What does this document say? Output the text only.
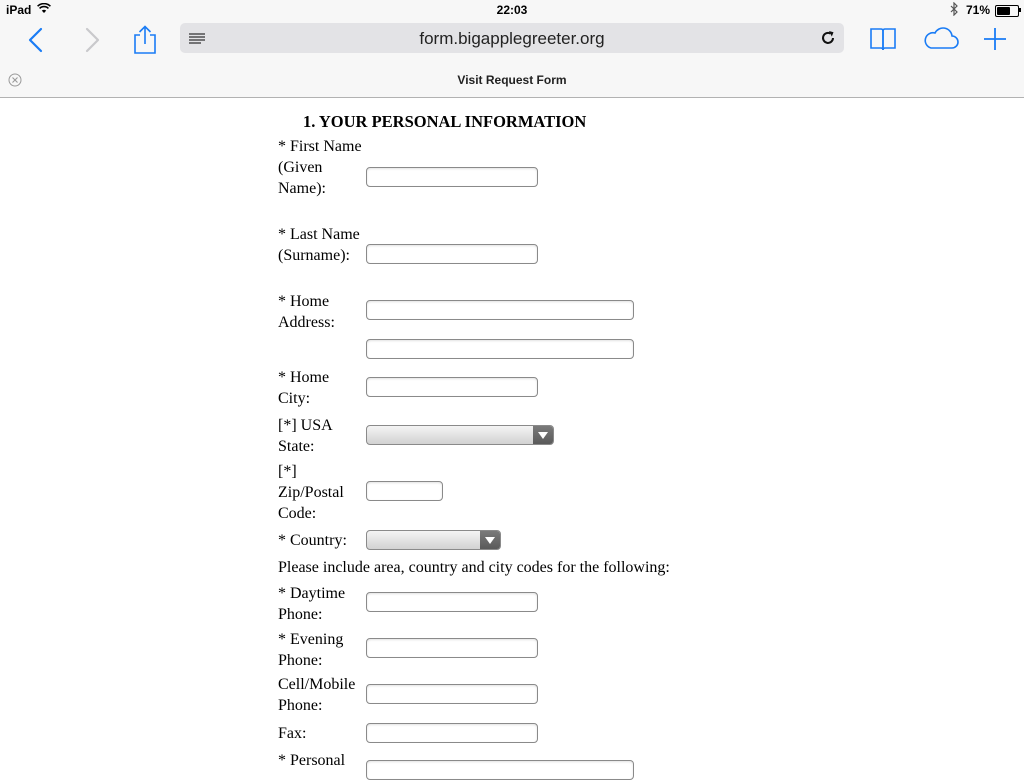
iPad	22:03	71%
form.bigapplegreeter.org
Visit Request Form
1. YOUR PERSONAL INFORMATION
* First Name (Given Name):
* Last Name (Surname):
* Home Address:
* Home City:
[*] USA State:
[*] Zip/Postal Code:
* Country:
Please include area, country and city codes for the following:
* Daytime Phone:
* Evening Phone:
Cell/Mobile Phone:
Fax:
* Personal
